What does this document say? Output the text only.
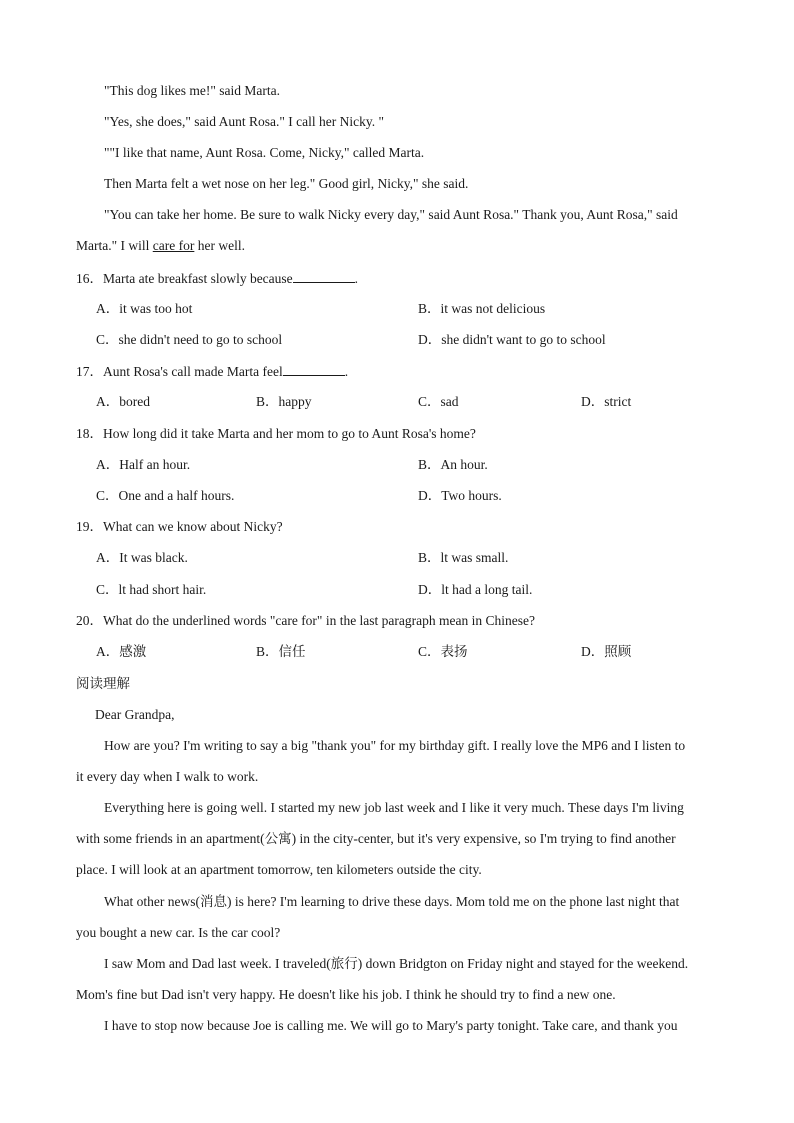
"This dog likes me!" said Marta.
"Yes, she does," said Aunt Rosa." I call her Nicky. "
""I like that name, Aunt Rosa. Come, Nicky," called Marta.
Then Marta felt a wet nose on her leg." Good girl, Nicky," she said.
"You can take her home. Be sure to walk Nicky every day," said Aunt Rosa." Thank you, Aunt Rosa," said
Marta." I will care for her well.
16．Marta ate breakfast slowly because	.
A．it was too hot	B．it was not delicious
C．she didn't need to go to school	D．she didn't want to go to school
17．Aunt Rosa's call made Marta feel	.
A．bored	B．happy	C．sad	D．strict
18．How long did it take Marta and her mom to go to Aunt Rosa's home?
A．Half an hour.	B．An hour.
C．One and a half hours.	D．Two hours.
19．What can we know about Nicky?
A．It was black.	B．lt was small.
C．lt had short hair.	D．lt had a long tail.
20．What do the underlined words "care for" in the last paragraph mean in Chinese?
A．感激	B．信任	C．表扬	D．照顾
阅读理解
Dear Grandpa,
How are you? I'm writing to say a big "thank you" for my birthday gift. I really love the MP6 and I listen to
it every day when I walk to work.
Everything here is going well. I started my new job last week and I like it very much. These days I'm living
with some friends in an apartment(公寓) in the city-center, but it's very expensive, so I'm trying to find another
place. I will look at an apartment tomorrow, ten kilometers outside the city.
What other news(消息) is here? I'm learning to drive these days. Mom told me on the phone last night that
you bought a new car. Is the car cool?
I saw Mom and Dad last week. I traveled(旅行) down Bridgton on Friday night and stayed for the weekend.
Mom's fine but Dad isn't very happy. He doesn't like his job. I think he should try to find a new one.
I have to stop now because Joe is calling me. We will go to Mary's party tonight. Take care, and thank you
